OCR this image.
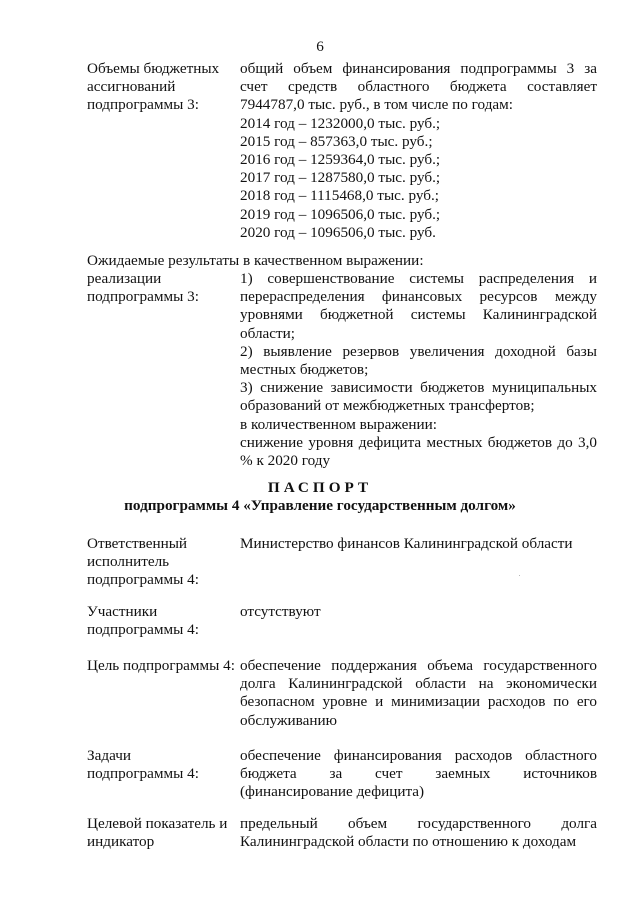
6
Объемы бюджетных
ассигнований
подпрограммы 3:
общий объем финансирования подпрограммы 3 за счет средств областного бюджета составляет 7944787,0 тыс. руб., в том числе по годам:
2014 год – 1232000,0 тыс. руб.;
2015 год – 857363,0 тыс. руб.;
2016 год – 1259364,0 тыс. руб.;
2017 год – 1287580,0 тыс. руб.;
2018 год – 1115468,0 тыс. руб.;
2019 год – 1096506,0 тыс. руб.;
2020 год – 1096506,0 тыс. руб.
Ожидаемые результаты в качественном выражении:
реализации
подпрограммы 3:
1) совершенствование системы распределения и перераспределения финансовых ресурсов между уровнями бюджетной системы Калининградской области;
2) выявление резервов увеличения доходной базы местных бюджетов;
3) снижение зависимости бюджетов муниципальных образований от межбюджетных трансфертов;
в количественном выражении:
снижение уровня дефицита местных бюджетов до 3,0 % к 2020 году
ПАСПОРТ
подпрограммы 4 «Управление государственным долгом»
Ответственный
исполнитель
подпрограммы 4:
Министерство финансов Калининградской области
Участники
подпрограммы 4:
отсутствуют
Цель подпрограммы 4: обеспечение поддержания объема государственного долга Калининградской области на экономически безопасном уровне и минимизации расходов по его обслуживанию
Задачи
подпрограммы 4:
обеспечение финансирования расходов областного бюджета за счет заемных источников (финансирование дефицита)
Целевой показатель и
индикатор
предельный объем государственного долга Калининградской области по отношению к доходам
